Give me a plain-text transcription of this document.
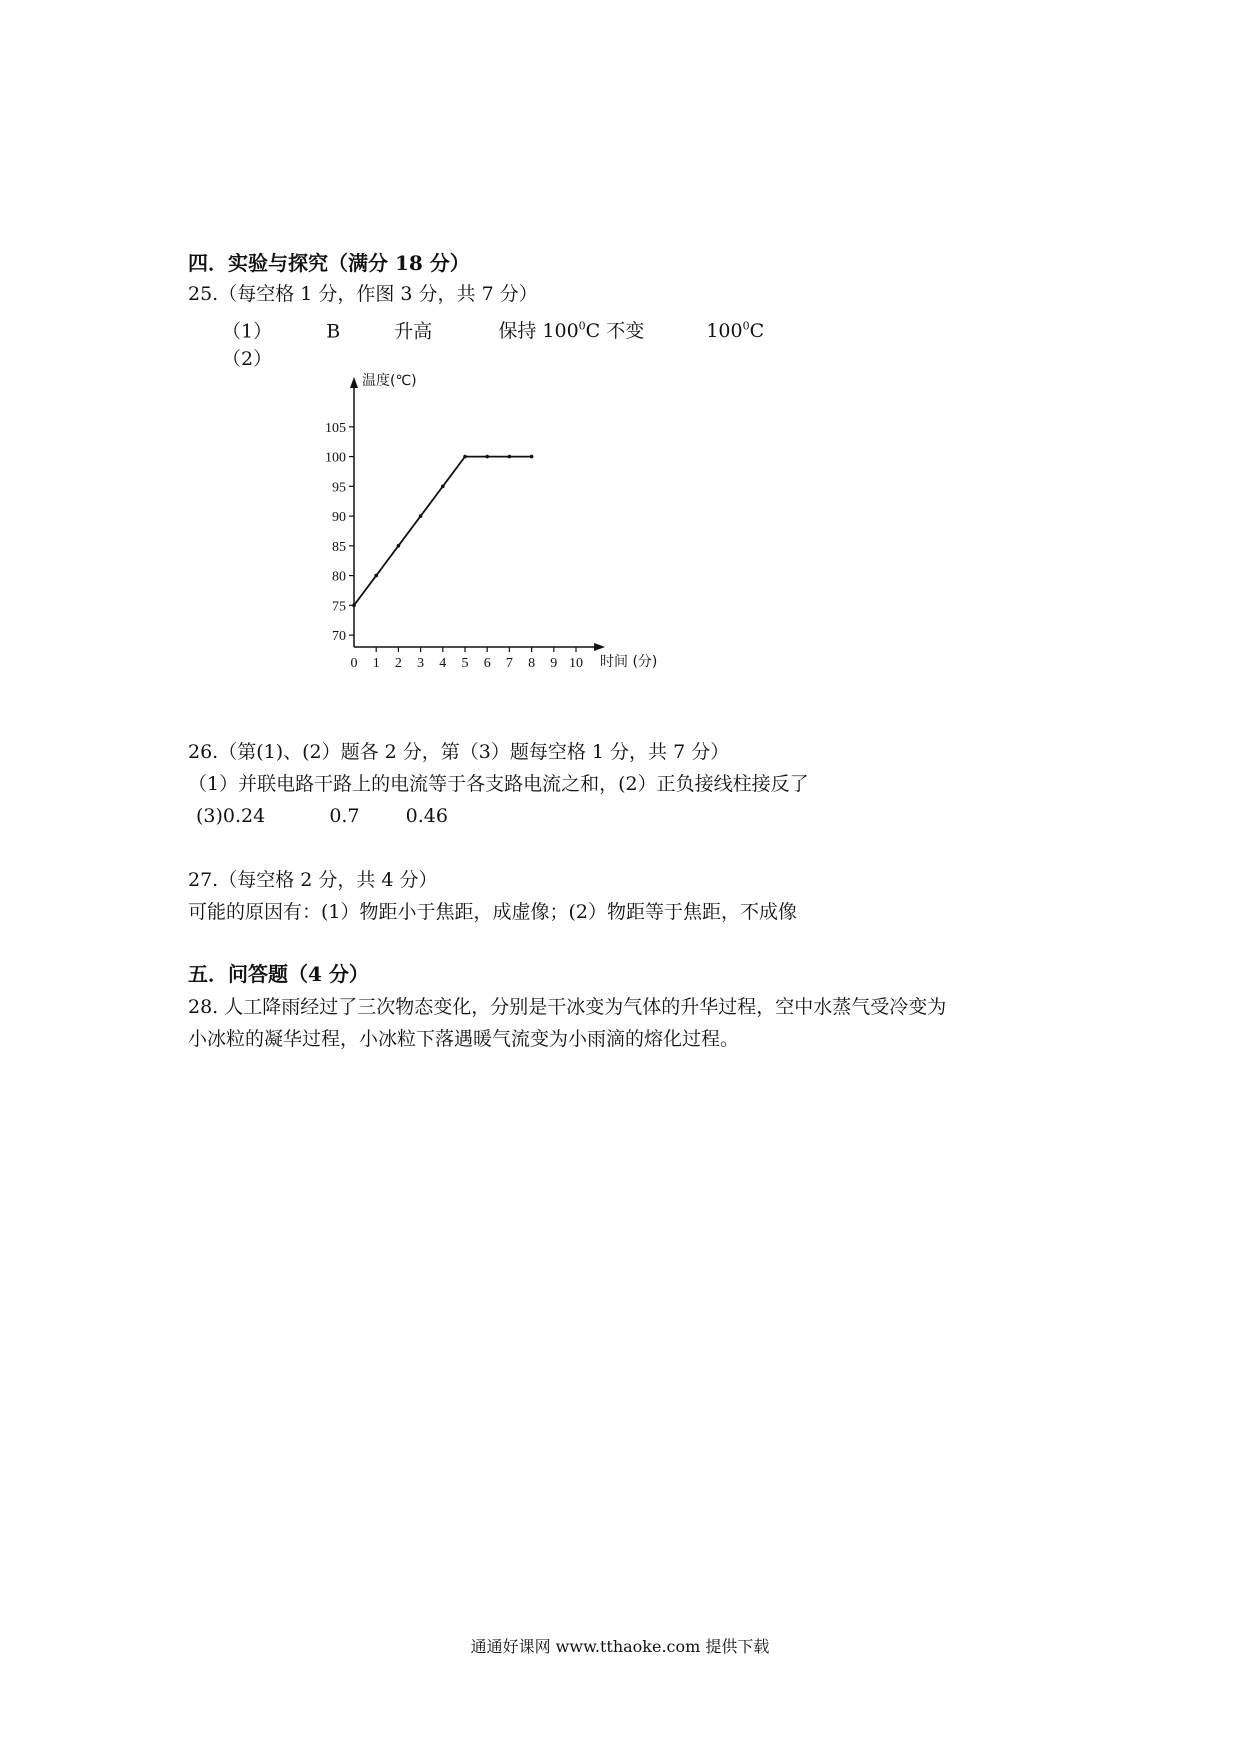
四．实验与探究（满分 18 分）
25.（每空格 1 分，作图 3 分，共 7 分）
（1）	B	升高	保持 $100^0C$ 不变	$100^0C$
（2）
70
75
80
85
90
95
100
105
0 1 2 3 4 5 6 7 8 9 10
温度(℃)
时间 (分)
26.（第(1)、(2）题各 2 分，第（3）题每空格 1 分，共 7 分）
（1）并联电路干路上的电流等于各支路电流之和，(2）正负接线柱接反了
(3)0.24	0.7 0.46
27.（每空格 2 分，共 4 分）
可能的原因有：(1）物距小于焦距，成虚像；(2）物距等于焦距，不成像
五．问答题（4 分）
28. 人工降雨经过了三次物态变化，分别是干冰变为气体的升华过程，空中水蒸气受冷变为
小冰粒的凝华过程，小冰粒下落遇暖气流变为小雨滴的熔化过程。
通通好课网 www.tthaoke.com 提供下载
